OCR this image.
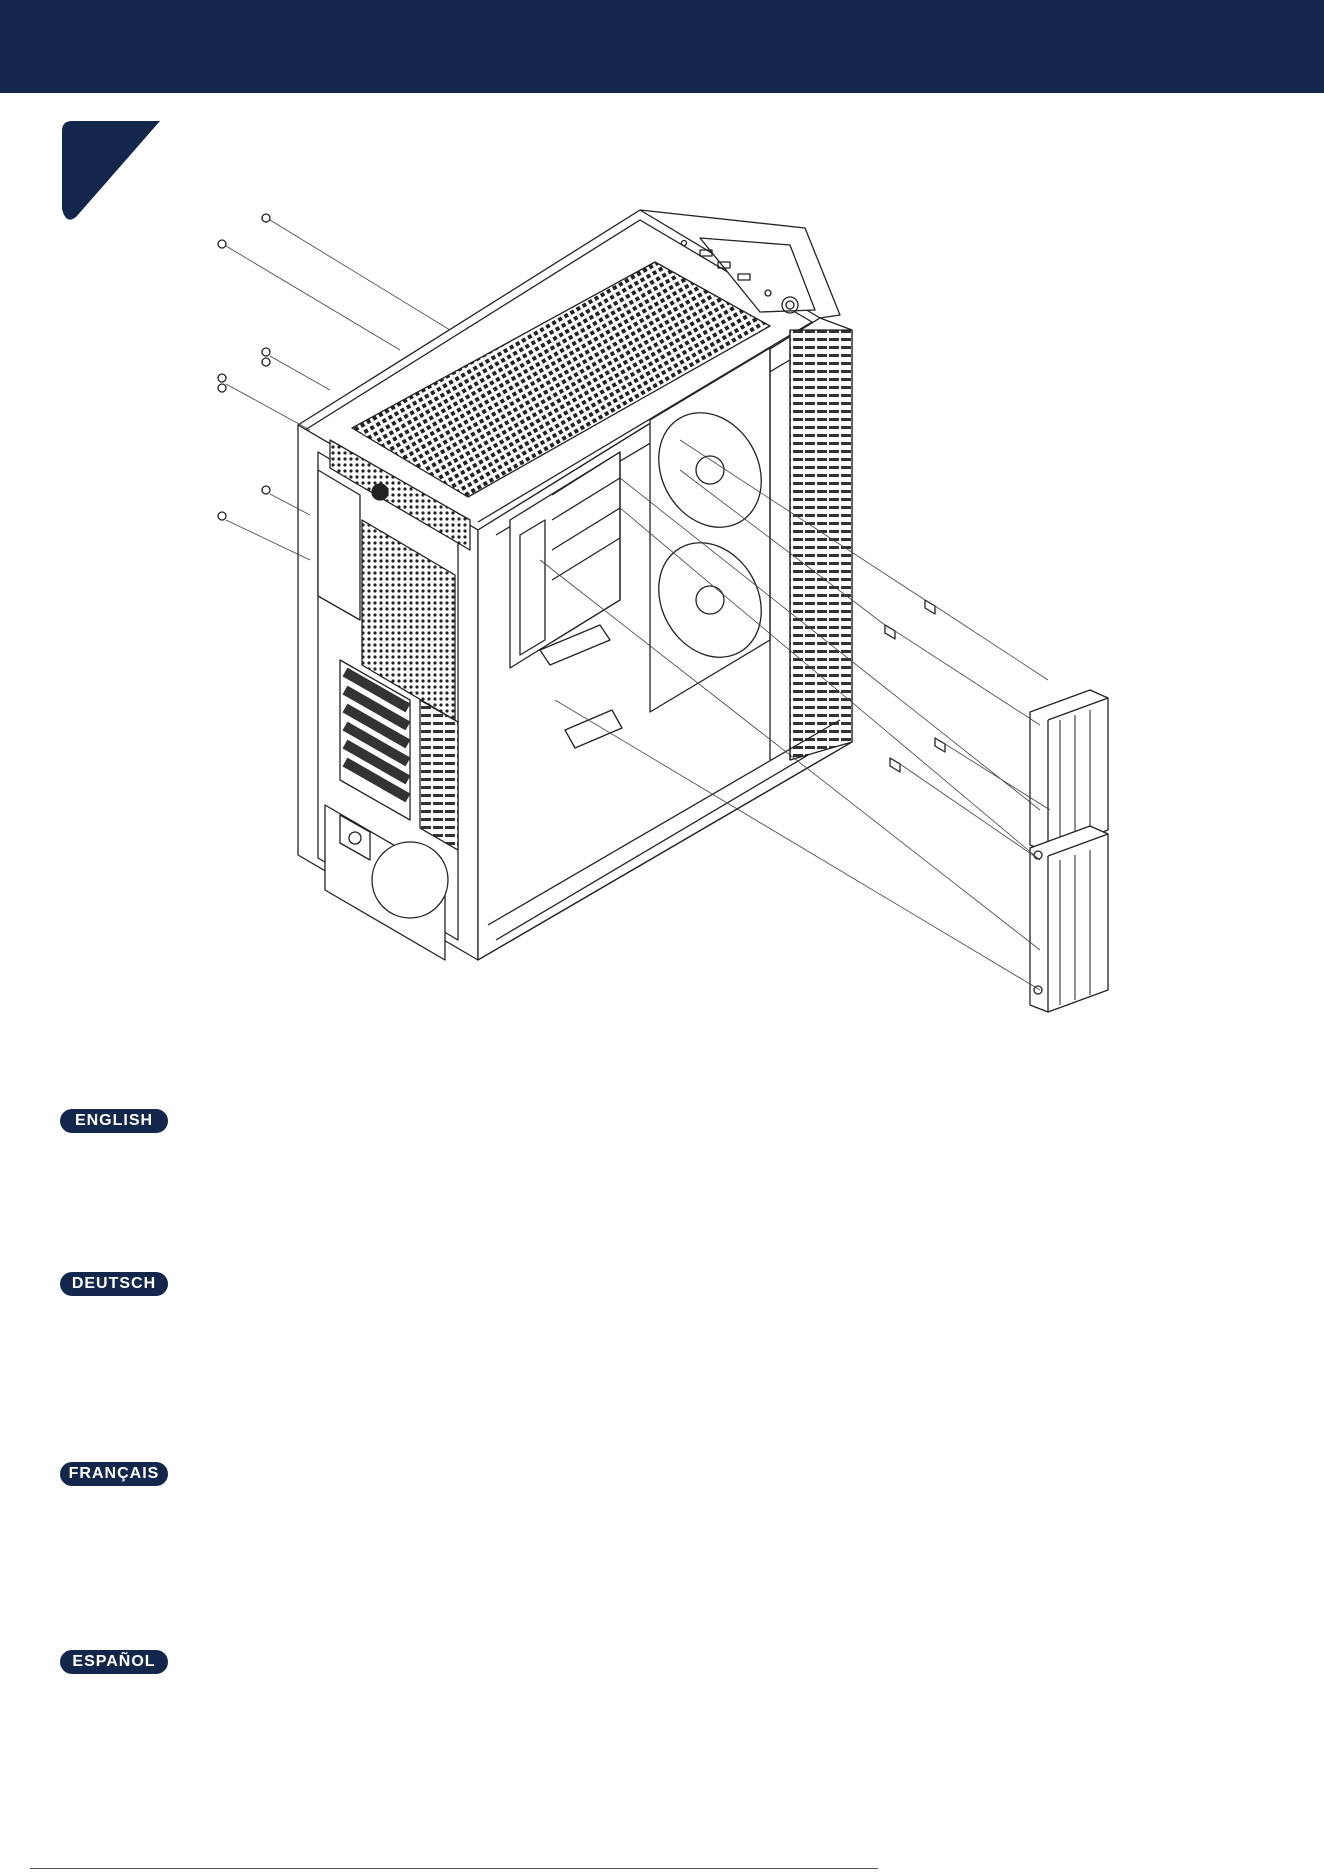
ENGLISH
DEUTSCH
FRANÇAIS
ESPAÑOL
